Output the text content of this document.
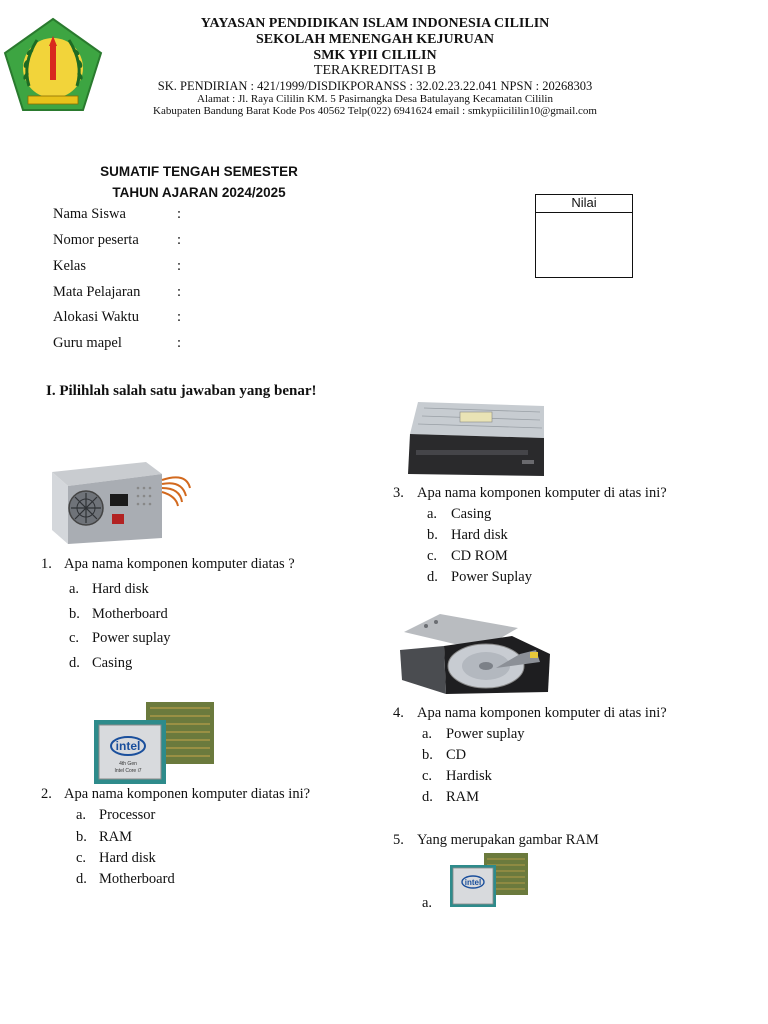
YAYASAN PENDIDIKAN ISLAM INDONESIA CILILIN
SEKOLAH MENENGAH KEJURUAN
SMK YPII CILILIN
TERAKREDITASI B
SK. PENDIRIAN : 421/1999/DISDIKPORANSS : 32.02.23.22.041 NPSN : 20268303
Alamat : Jl. Raya Cililin KM. 5 Pasirnangka Desa Batulayang Kecamatan Cililin
Kabupaten Bandung Barat Kode Pos 40562 Telp(022) 6941624 email : smkypiicililin10@gmail.com
SUMATIF TENGAH SEMESTER
TAHUN AJARAN 2024/2025
Nama Siswa	:
Nomor peserta	:
Kelas	:
Mata Pelajaran	:
Alokasi Waktu	:
Guru mapel	:
Nilai
I. Pilihlah salah satu jawaban yang benar!
1. Apa nama komponen komputer diatas ?
a. Hard disk
b. Motherboard
c. Power suplay
d. Casing
intel
4th Gen
Intel Core i7
2. Apa nama komponen komputer diatas ini?
a. Processor
b. RAM
c. Hard disk
d. Motherboard
3. Apa nama komponen komputer di atas ini?
a. Casing
b. Hard disk
c. CD ROM
d. Power Suplay
4. Apa nama komponen komputer di atas ini?
a. Power suplay
b. CD
c. Hardisk
d. RAM
5. Yang merupakan gambar RAM
a.
intel
